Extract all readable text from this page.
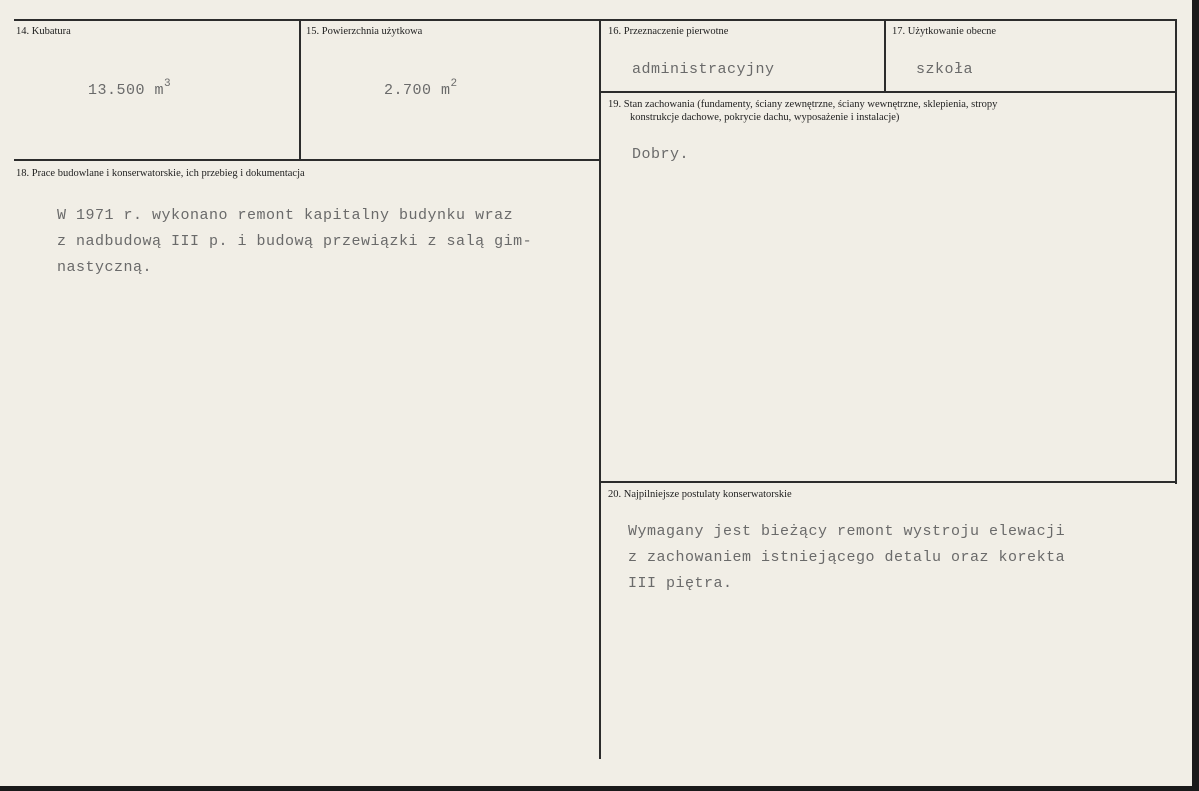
14. Kubatura
13.500 $m^3$
15. Powierzchnia użytkowa
2.700 $m^2$
16. Przeznaczenie pierwotne
administracyjny
17. Użytkowanie obecne
szkoła
19. Stan zachowania (fundamenty, ściany zewnętrzne, ściany wewnętrzne, sklepienia, stropy
konstrukcje dachowe, pokrycie dachu, wyposażenie i instalacje)
Dobry.
18. Prace budowlane i konserwatorskie, ich przebieg i dokumentacja
W 1971 r. wykonano remont kapitalny budynku wraz
z nadbudową III p. i budową przewiązki z salą gim-
nastyczną.
20. Najpilniejsze postulaty konserwatorskie
Wymagany jest bieżący remont wystroju elewacji
z zachowaniem istniejącego detalu oraz korekta
III piętra.
